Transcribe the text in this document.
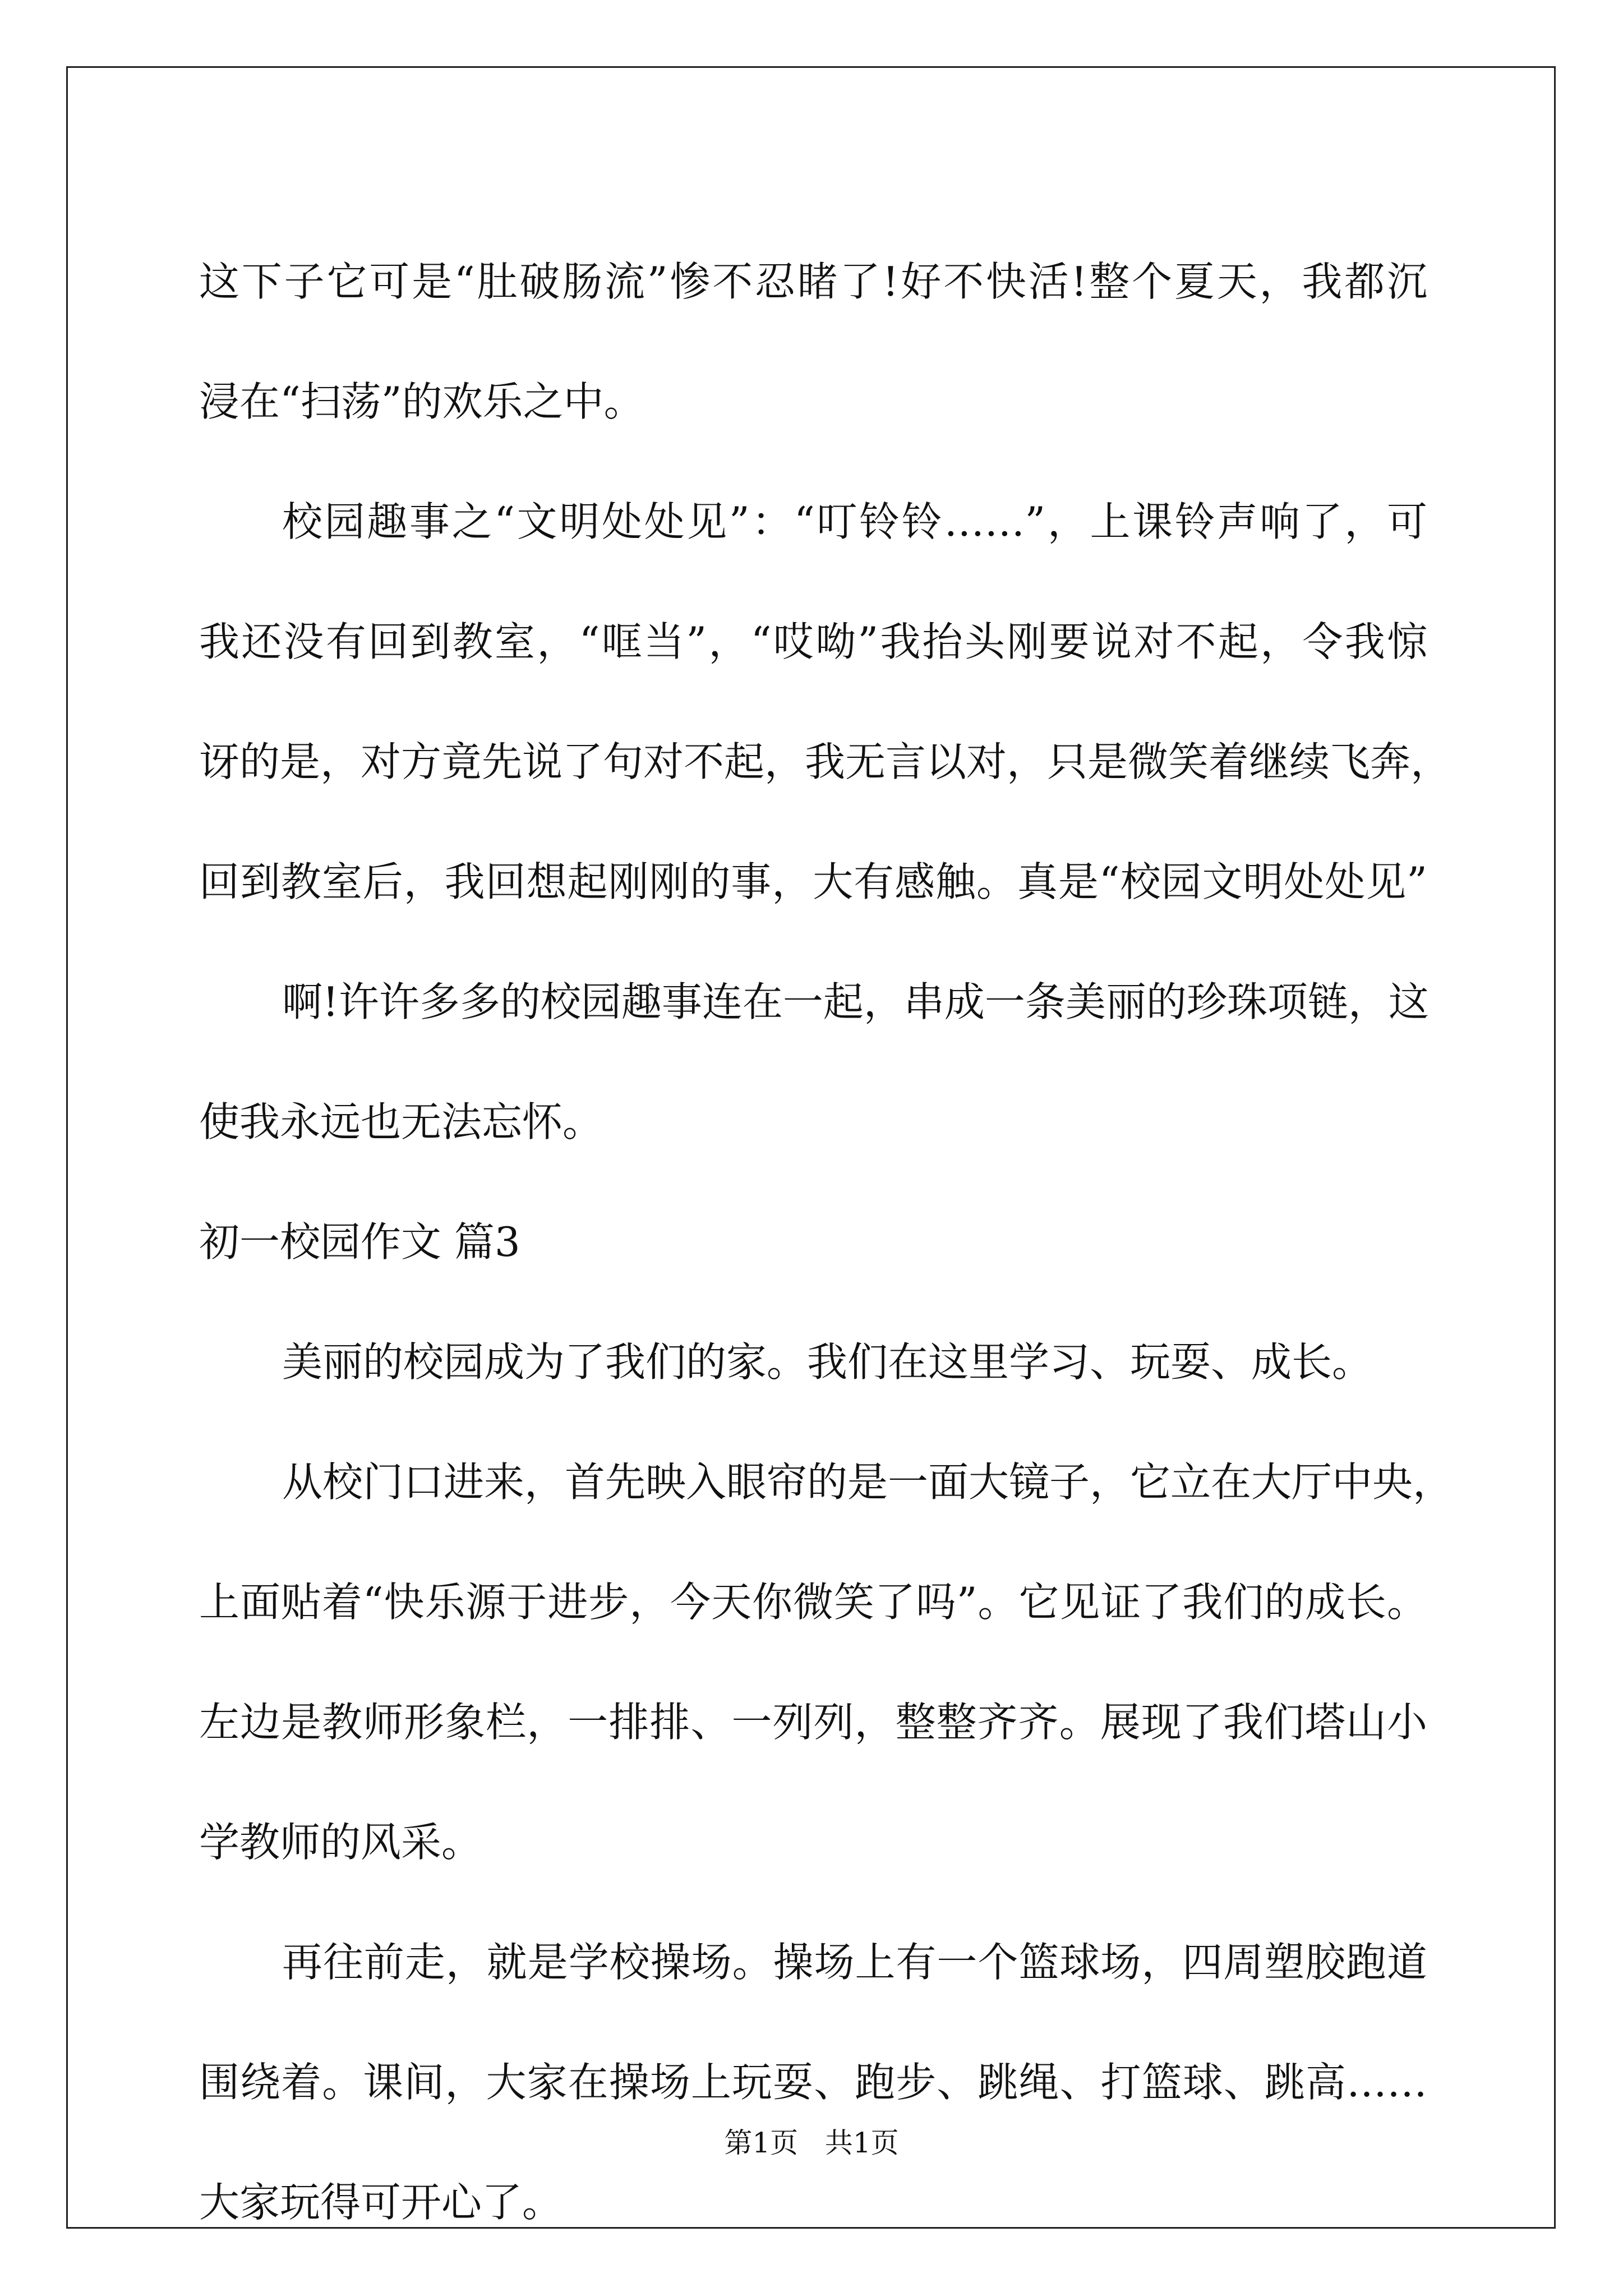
这下子它可是“肚破肠流”惨不忍睹了!好不快活!整个夏天，我都沉
浸在“扫荡”的欢乐之中。
校园趣事之“文明处处见”：“叮铃铃……”，上课铃声响了，可
我还没有回到教室，“哐当”，“哎呦”我抬头刚要说对不起，令我惊
讶的是，对方竟先说了句对不起，我无言以对，只是微笑着继续飞奔，
回到教室后，我回想起刚刚的事，大有感触。真是“校园文明处处见”
啊!许许多多的校园趣事连在一起，串成一条美丽的珍珠项链，这
使我永远也无法忘怀。
初一校园作文 篇3
美丽的校园成为了我们的家。我们在这里学习、玩耍、成长。
从校门口进来，首先映入眼帘的是一面大镜子，它立在大厅中央，
上面贴着“快乐源于进步，今天你微笑了吗”。它见证了我们的成长。
左边是教师形象栏，一排排、一列列，整整齐齐。展现了我们塔山小
学教师的风采。
再往前走，就是学校操场。操场上有一个篮球场，四周塑胶跑道
围绕着。课间，大家在操场上玩耍、跑步、跳绳、打篮球、跳高……
大家玩得可开心了。
第1页   共1页
